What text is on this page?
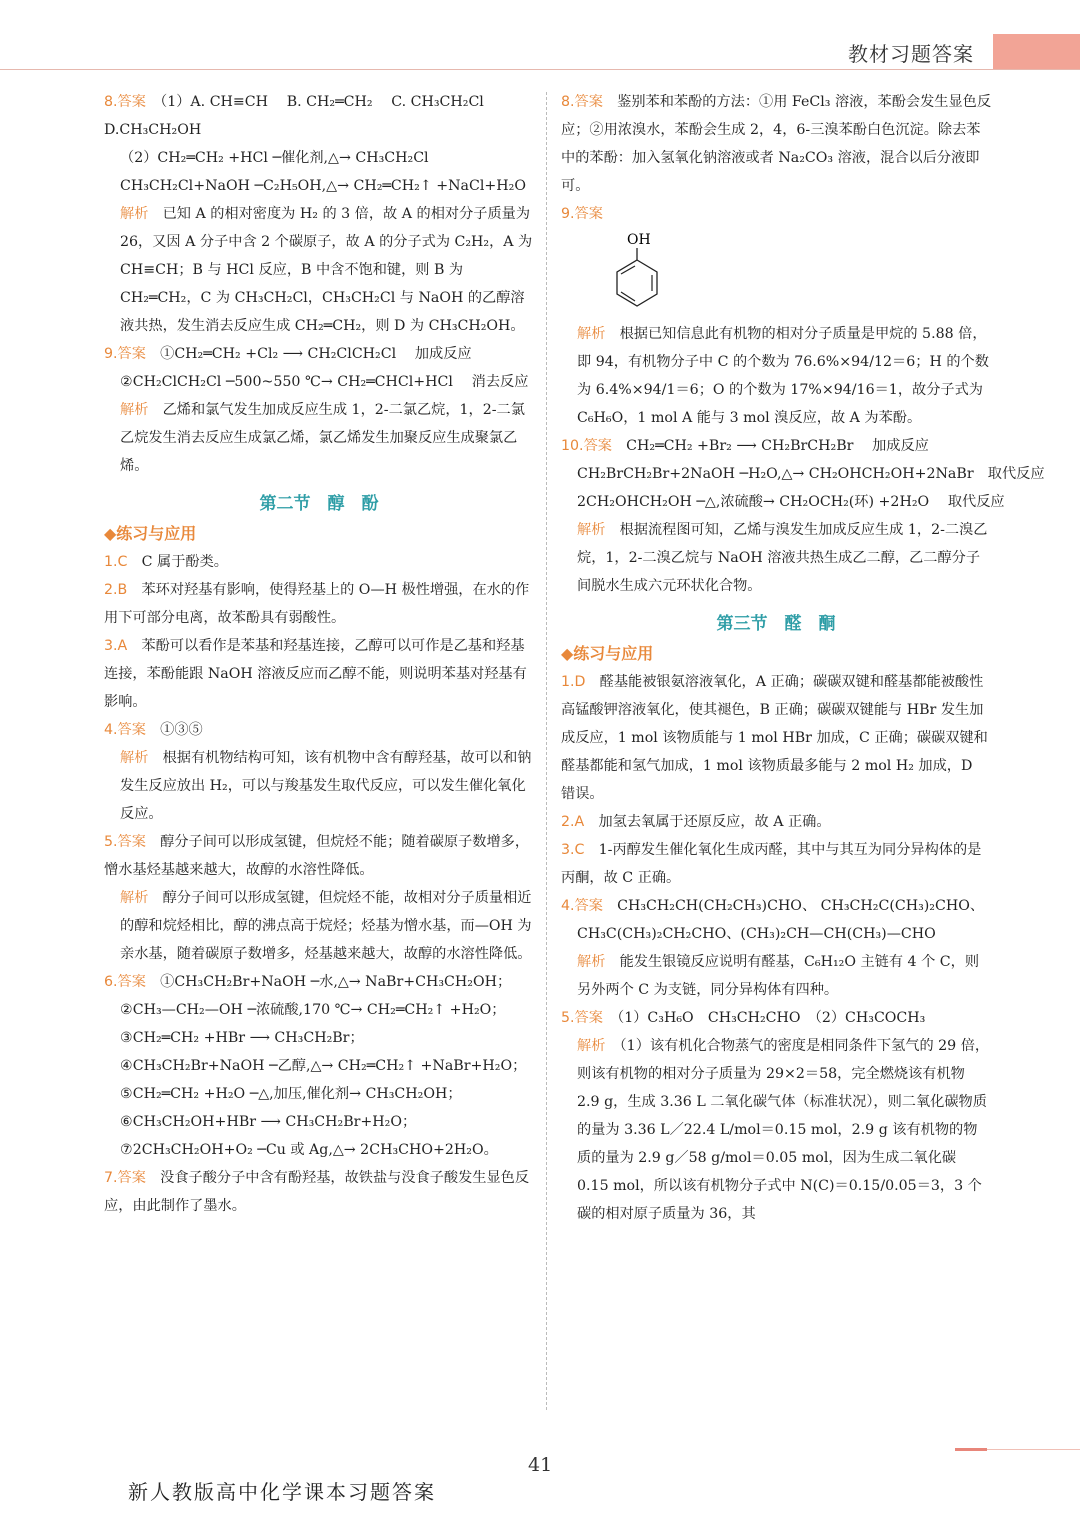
教材习题答案

8.答案　 （1）A. CH≡CH　 B. CH₂═CH₂　 C. CH₃CH₂Cl

D.CH₃CH₂OH

（2）CH₂═CH₂ +HCl ─催化剂,△→ CH₃CH₂Cl

CH₃CH₂Cl+NaOH ─C₂H₅OH,△→ CH₂═CH₂↑ +NaCl+H₂O

解析　 已知 A 的相对密度为 H₂ 的 3 倍，故 A 的相对分子质量为26，又因 A 分子中含 2 个碳原子，故 A 的分子式为 C₂H₂，A 为 CH≡CH；B 与 HCl 反应，B 中含不饱和键，则 B 为 CH₂═CH₂，C 为 CH₃CH₂Cl，CH₃CH₂Cl 与 NaOH 的乙醇溶液共热，发生消去反应生成 CH₂═CH₂，则 D 为 CH₃CH₂OH。

9.答案　 ①CH₂═CH₂ +Cl₂ ⟶ CH₂ClCH₂Cl　 加成反应

②CH₂ClCH₂Cl ─500~550 ℃→ CH₂═CHCl+HCl　 消去反应

解析　 乙烯和氯气发生加成反应生成 1，2-二氯乙烷，1，2-二氯乙烷发生消去反应生成氯乙烯，氯乙烯发生加聚反应生成聚氯乙烯。

第二节　醇　酚

◆练习与应用

1.C　 C 属于酚类。

2.B　 苯环对羟基有影响，使得羟基上的 O—H 极性增强，在水的作用下可部分电离，故苯酚具有弱酸性。

3.A　 苯酚可以看作是苯基和羟基连接，乙醇可以可作是乙基和羟基连接，苯酚能跟 NaOH 溶液反应而乙醇不能，则说明苯基对羟基有影响。

4.答案　 ①③⑤

解析　 根据有机物结构可知，该有机物中含有醇羟基，故可以和钠发生反应放出 H₂，可以与羧基发生取代反应，可以发生催化氧化反应。

5.答案　 醇分子间可以形成氢键，但烷烃不能；随着碳原子数增多，憎水基烃基越来越大，故醇的水溶性降低。

解析　 醇分子间可以形成氢键，但烷烃不能，故相对分子质量相近的醇和烷烃相比，醇的沸点高于烷烃；烃基为憎水基，而—OH 为亲水基，随着碳原子数增多，烃基越来越大，故醇的水溶性降低。

6.答案　 ①CH₃CH₂Br+NaOH ─水,△→ NaBr+CH₃CH₂OH；

②CH₃—CH₂—OH ─浓硫酸,170 ℃→ CH₂═CH₂↑ +H₂O；

③CH₂═CH₂ +HBr ⟶ CH₃CH₂Br；

④CH₃CH₂Br+NaOH ─乙醇,△→ CH₂═CH₂↑ +NaBr+H₂O；

⑤CH₂═CH₂ +H₂O ─△,加压,催化剂→ CH₃CH₂OH；

⑥CH₃CH₂OH+HBr ⟶ CH₃CH₂Br+H₂O；

⑦2CH₃CH₂OH+O₂ ─Cu 或 Ag,△→ 2CH₃CHO+2H₂O。

7.答案　 没食子酸分子中含有酚羟基，故铁盐与没食子酸发生显色反应，由此制作了墨水。

8.答案　 鉴别苯和苯酚的方法：①用 FeCl₃ 溶液，苯酚会发生显色反应；②用浓溴水，苯酚会生成 2，4，6-三溴苯酚白色沉淀。除去苯中的苯酚：加入氢氧化钠溶液或者 Na₂CO₃ 溶液，混合以后分液即可。

9.答案　
OH

解析　 根据已知信息此有机物的相对分子质量是甲烷的 5.88 倍，即 94，有机物分子中 C 的个数为 76.6%×94/12＝6；H 的个数为 6.4%×94/1＝6；O 的个数为 17%×94/16＝1，故分子式为 C₆H₆O，1 mol A 能与 3 mol 溴反应，故 A 为苯酚。

10.答案　 CH₂═CH₂ +Br₂ ⟶ CH₂BrCH₂Br　 加成反应

CH₂BrCH₂Br+2NaOH ─H₂O,△→ CH₂OHCH₂OH+2NaBr　取代反应

2CH₂OHCH₂OH ─△,浓硫酸→ CH₂OCH₂(环) +2H₂O　 取代反应

解析　 根据流程图可知，乙烯与溴发生加成反应生成 1，2-二溴乙烷，1，2-二溴乙烷与 NaOH 溶液共热生成乙二醇，乙二醇分子间脱水生成六元环状化合物。

第三节　醛　酮

◆练习与应用

1.D　 醛基能被银氨溶液氧化，A 正确；碳碳双键和醛基都能被酸性高锰酸钾溶液氧化，使其褪色，B 正确；碳碳双键能与 HBr 发生加成反应，1 mol 该物质能与 1 mol HBr 加成，C 正确；碳碳双键和醛基都能和氢气加成，1 mol 该物质最多能与 2 mol H₂ 加成，D 错误。

2.A　 加氢去氧属于还原反应，故 A 正确。

3.C　 1-丙醇发生催化氧化生成丙醛，其中与其互为同分异构体的是丙酮，故 C 正确。

4.答案　 CH₃CH₂CH(CH₂CH₃)CHO、 CH₃CH₂C(CH₃)₂CHO、

CH₃C(CH₃)₂CH₂CHO、(CH₃)₂CH—CH(CH₃)—CHO

解析　 能发生银镜反应说明有醛基，C₆H₁₂O 主链有 4 个 C，则另外两个 C 为支链，同分异构体有四种。

5.答案　 （1）C₃H₆O　CH₃CH₂CHO　（2）CH₃COCH₃

解析　 （1）该有机化合物蒸气的密度是相同条件下氢气的 29 倍，则该有机物的相对分子质量为 29×2＝58，完全燃烧该有机物 2.9 g，生成 3.36 L 二氧化碳气体（标准状况），则二氧化碳物质的量为 3.36 L／22.4 L/mol＝0.15 mol，2.9 g 该有机物的物质的量为 2.9 g／58 g/mol＝0.05 mol，因为生成二氧化碳 0.15 mol，所以该有机物分子式中 N(C)＝0.15/0.05＝3，3 个碳的相对原子质量为 36，其

41
新人教版高中化学课本习题答案
